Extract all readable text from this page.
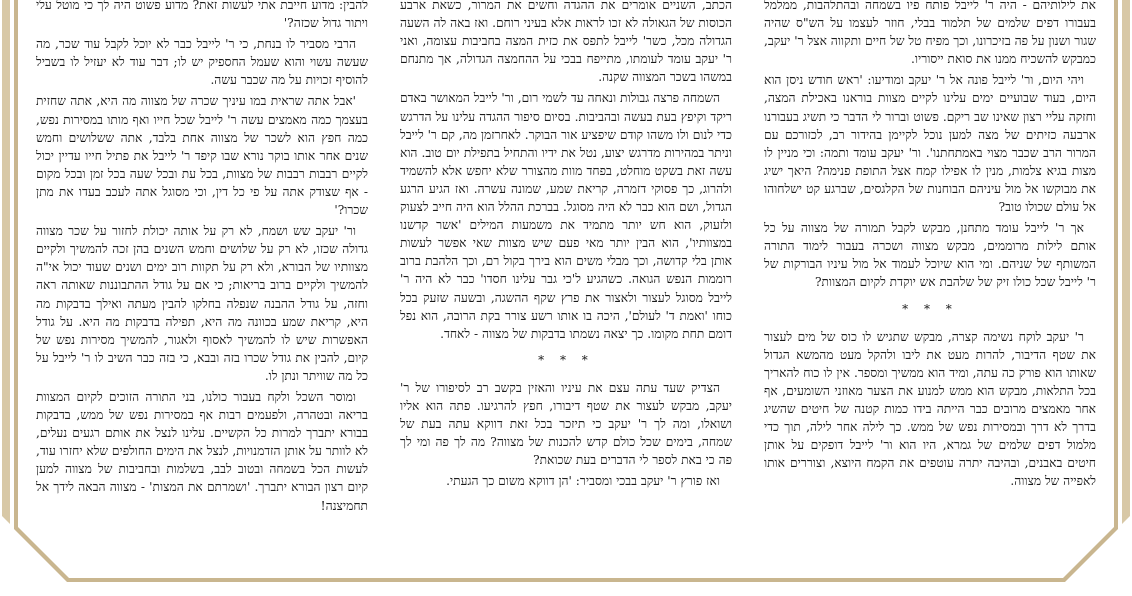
את לילותיהם - היה ר' לייבל פותח פיו בשמחה ובהתלהבות, ממלמל בעבורו דפים שלמים של תלמוד בבלי, חוזר לעצמו על הש"ס שהיה שגור ושנון על פה בזיכרונו, וכך מפיח טל של חיים ותקווה אצל ר' יעקב, כמבקש להשכיח ממנו את סואת ייסוריו.

ויהי היום, ור' לייבל פונה אל ר' יעקב ומודיעו: 'ראש חודש ניסן הוא היום, בעוד שבועיים ימים עלינו לקיים מצוות בוראנו באכילת המצה, וחזקה עליי רצון שאינו שב ריקם. פשוט וברור לי הדבר כי תשיג בעבורנו ארבעה כזיתים של מצה למען נוכל לקיימן בהידור רב, לכזורכם עם המרור הרב שכבר מצוי באמתחתנו'. ור' יעקב עומד ותמה: וכי מניין לו מצות בגיא צלמות, מנין לו אפילו קמח אצל התופת פנימה? היאך ישיג את מבוקשו אל מול עיניהם הבוחנות של הקלגסים, שברגע קט ישלחוהו אל עולם שכולו טוב?

אך ר' לייבל עומד מתחנן, מבקש לקבל תמורה של מצווה על כל אותם לילות מרוממים, מבקש מצווה ושכרה בעבור לימוד התורה המשותף של שניהם. ומי הוא שיוכל לעמוד אל מול עיניו הבורקות של ר' לייבל שכל כולו זיק של שלהבת אש יוקדת לקיום המצוות?

* * *

ר' יעקב לוקח נשימה קצרה, מבקש שתגיש לו כוס של מים לעצור את שטף הדיבור, להרות מעט את ליבו ולהקל מעט מהמשא הגדול שאותו הוא פורק כה עתה, ומיד הוא ממשיך ומספר. אין לו כוח להאריך בכל התלאות, מבקש הוא ממש למנוע את הצער מאוזני השומעים, אף אחר מאמצים מרובים כבר הייתה בידו כמות קטנה של חיטים שהשיג בדרך לא דרך ובמסירות נפש של ממש. כך לילה אחר לילה, תוך כדי מלמול דפים שלמים של גמרא, היו הוא ור' לייבל דופקים על אותן חיטים באבנים, ובהיבה יתרה עוטפים את הקמח היוצא, וצוררים אותו לאפייה של מצווה.

הכתב, השניים אומרים את ההגדה וחשים את המרור, כשאת ארבע הכוסות של הגאולה לא זכו לראות אלא בעיני רוחם. ואז באה לה השעה הגדולה מכל, כשר' לייבל לתפס את כזית המצה בחביבות עצומה, ואני ר' יעקב עומד לעומתו, מתייפח בבכי על ההחמצה הגדולה, אך מתנחם במשהו בשכר המצווה שקנה.

השמחה פרצה גבולות ונאחה עד לשמי רום, ור' לייבל המאושר באדם ריקד וקיפץ בעת בעשה ובהביבות. בסיום סיפור ההגדה עלינו על הדרגש כדי לנום ולו משהו קודם שיפציע אור הבוקר. לאחרזמן מה, קם ר' לייבל וניתר במהירות מדרגש יצוע, נטל את ידיו והתחיל בתפילת יום טוב. הוא עשה זאת בשקט מוחלט, בפחד מוות מהצורר שלא יחפש אלא להשמיד ולהרוג, כך פסוקי דזמרה, קריאת שמע, שמונה עשרה. ואז הגיע הרגע הגדול, ושם הוא כבר לא היה מסוגל. בברכת ההלל הוא היה חייב לצעוק ולזעוק, הוא חש יותר מתמיד את משמעות המילים 'אשר קדשנו במצוותיו', הוא הבין יותר מאי פעם שיש מצוות שאי אפשר לעשות אותן בלי קדושה, וכך מבלי משים הוא בירך בקול רם, וכך הלהבת ברוב רוממות הנפש הגואה. כשהגיע ל'כי גבר עלינו חסדו' כבר לא היה ר' לייבל מסוגל לעצור ולאצור את פרץ שקף ההשגה, ובשעה שזעק בכל כוחו 'ואמת ד' לעולם', היכה בו אותו רשע צורר בקת הרובה, הוא נפל דומם תחת מקומו. כך יצאה נשמתו בדבקות של מצווה - לאחד.

* * *

הצדיק שעד עתה עצם את עיניו והאזין בקשב רב לסיפורו של ר' יעקב, מבקש לעצור את שטף דיבורו, חפץ להרגיעו. פתה הוא אליו ושואלו, ומה לך ר' יעקב כי תיזכר בכל זאת דווקא עתה בעת של שמחה, בימים שכל כולם קדש להכנות של מצווה? מה לך פה ומי לך פה כי באת לספר לי הדברים בעת שכואת?

ואז פורץ ר' יעקב בבכי ומסביר: 'הן דווקא משום כך הגעתי.

להבין: מדוע חייבת אתי לעשות זאת? מדוע פשוט היה לך כי מוטל עלי ויתור גדול שכזה?'

הרבי מסביר לו בנחת, כי ר' לייבל כבר לא יוכל לקבל עוד שכר, מה שעשה עשוי והוא שעמל החספיק יש לו; דבר עוד לא יעזיל לו בשביל להוסיף זכויות על מה שכבר עשה.

'אבל אתה שראית במו עיניך שכרה של מצווה מה היא, אתה שחזית בעצמך כמה מאמצים עשה ר' לייבל שכל חייו ואף מותו במסירות נפש, כמה חפץ הוא לשכר של מצווה אחת בלבד, אתה ששלושים וחמש שנים אחר אותו בוקר נורא שבו קיפד ר' לייבל את פתיל חייו עדיין יכול לקיים רבבות רבבות של מצוות, בכל עת ובכל שעה בכל זמן ובכל מקום - אף שצודק אתה על פי כל דין, וכי מסוגל אתה לעכב בעדו את מתן שכרו?'

ור' יעקב שש ושמח, לא רק על אותה יכולת לחזור על שכר מצווה גדולה שכזו, לא רק על שלושים וחמש השנים בהן זכה להמשיך ולקיים מצוותיו של הבורא, ולא רק על תקוות רוב ימים ושנים שעוד יכול אי"ה להמשיך ולקיים ברוב בריאות; כי אם על גודל ההתבוננות שאותה ראה וחזה, על גודל ההבנה שנפלה בחלקו להבין מעתה ואילך בדבקות מה היא, קריאת שמע בכוונה מה היא, תפילה בדבקות מה היא. על גודל האפשרות שיש לו להמשיך לאסוף ולאגור, להמשיך מסירות נפש של קיום, להבין את גודל שכרו בזה ובבא, כי בזה כבר השיב לו ר' לייבל על כל מה שוויתר ונתן לו.

ומוסר השכל ולקח בעבור כולנו, בני התורה הזוכים לקיום המצוות בריאה ובטהרה, ולפעמים רבות אף במסירות נפש של ממש, בדבקות בבורא יתברך למרות כל הקשיים. עלינו לנצל את אותם רגעים נעלים, לא לוותר על אותן הזדמנויות, לנצל את הימים החולפים שלא יחזרו עוד, לעשות הכל בשמחה ובטוב לבב, בשלמות ובחביבות של מצווה למען קיום רצון הבורא יתברך. 'ושמרתם את המצות' - מצווה הבאה לידך אל תחמיצנה!
